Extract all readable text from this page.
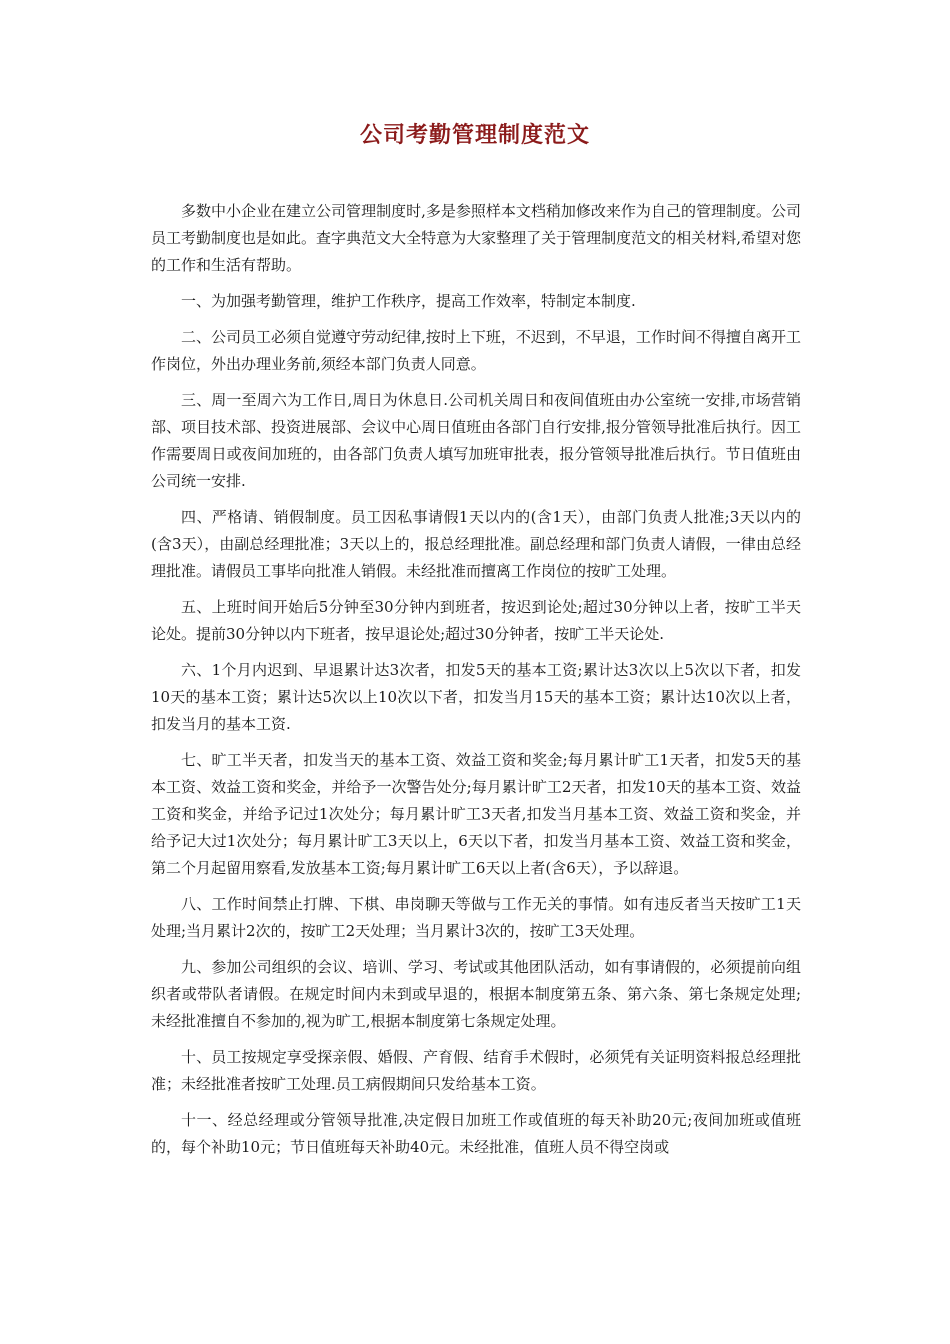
公司考勤管理制度范文

多数中小企业在建立公司管理制度时,多是参照样本文档稍加修改来作为自己的管理制度。公司员工考勤制度也是如此。查字典范文大全特意为大家整理了关于管理制度范文的相关材料,希望对您的工作和生活有帮助。

一、为加强考勤管理，维护工作秩序，提高工作效率，特制定本制度.

二、公司员工必须自觉遵守劳动纪律,按时上下班，不迟到，不早退，工作时间不得擅自离开工作岗位，外出办理业务前,须经本部门负责人同意。

三、周一至周六为工作日,周日为休息日.公司机关周日和夜间值班由办公室统一安排,市场营销部、项目技术部、投资进展部、会议中心周日值班由各部门自行安排,报分管领导批准后执行。因工作需要周日或夜间加班的，由各部门负责人填写加班审批表，报分管领导批准后执行。节日值班由公司统一安排.

四、严格请、销假制度。员工因私事请假1天以内的(含1天），由部门负责人批准;3天以内的(含3天），由副总经理批准；3天以上的，报总经理批准。副总经理和部门负责人请假，一律由总经理批准。请假员工事毕向批准人销假。未经批准而擅离工作岗位的按旷工处理。

五、上班时间开始后5分钟至30分钟内到班者，按迟到论处;超过30分钟以上者，按旷工半天论处。提前30分钟以内下班者，按早退论处;超过30分钟者，按旷工半天论处.

六、1个月内迟到、早退累计达3次者，扣发5天的基本工资;累计达3次以上5次以下者，扣发10天的基本工资；累计达5次以上10次以下者，扣发当月15天的基本工资；累计达10次以上者，扣发当月的基本工资.

七、旷工半天者，扣发当天的基本工资、效益工资和奖金;每月累计旷工1天者，扣发5天的基本工资、效益工资和奖金，并给予一次警告处分;每月累计旷工2天者，扣发10天的基本工资、效益工资和奖金，并给予记过1次处分；每月累计旷工3天者,扣发当月基本工资、效益工资和奖金，并给予记大过1次处分；每月累计旷工3天以上，6天以下者，扣发当月基本工资、效益工资和奖金，第二个月起留用察看,发放基本工资;每月累计旷工6天以上者(含6天），予以辞退。

八、工作时间禁止打牌、下棋、串岗聊天等做与工作无关的事情。如有违反者当天按旷工1天处理;当月累计2次的，按旷工2天处理；当月累计3次的，按旷工3天处理。

九、参加公司组织的会议、培训、学习、考试或其他团队活动，如有事请假的，必须提前向组织者或带队者请假。在规定时间内未到或早退的，根据本制度第五条、第六条、第七条规定处理;未经批准擅自不参加的,视为旷工,根据本制度第七条规定处理。

十、员工按规定享受探亲假、婚假、产育假、结育手术假时，必须凭有关证明资料报总经理批准；未经批准者按旷工处理.员工病假期间只发给基本工资。

十一、经总经理或分管领导批准,决定假日加班工作或值班的每天补助20元;夜间加班或值班的，每个补助10元；节日值班每天补助40元。未经批准，值班人员不得空岗或
